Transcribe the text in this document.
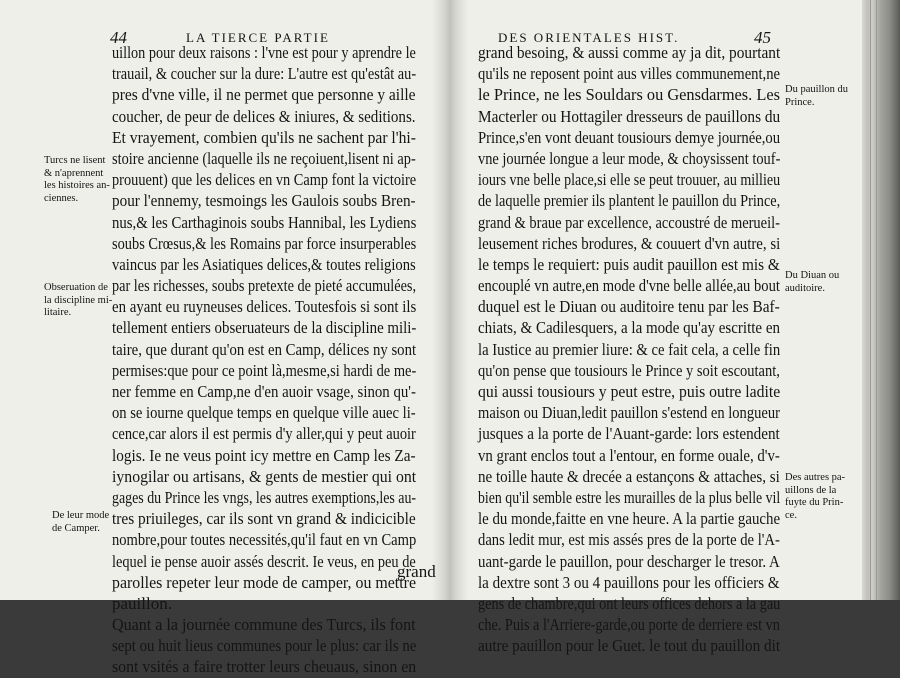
44	LA TIERCE PARTIE
uillon pour deux raisons : l'vne est pour y aprendre le
trauail, & coucher sur la dure: L'autre est qu'estât au-
pres d'vne ville, il ne permet que personne y aille
coucher, de peur de delices & iniures, & seditions.
Et vrayement, combien qu'ils ne sachent par l'hi-
stoire ancienne (laquelle ils ne reçoiuent,lisent ni ap-
prouuent) que les delices en vn Camp font la victoire
pour l'ennemy, tesmoings les Gaulois soubs Bren-
nus,& les Carthaginois soubs Hannibal, les Lydiens
soubs Crœsus,& les Romains par force insurperables
vaincus par les Asiatiques delices,& toutes religions
par les richesses, soubs pretexte de pieté accumulées,
en ayant eu ruyneuses delices. Toutesfois si sont ils
tellement entiers obseruateurs de la discipline mili-
taire, que durant qu'on est en Camp, délices ny sont
permises:que pour ce point là,mesme,si hardi de me-
ner femme en Camp,ne d'en auoir vsage, sinon qu'-
on se iourne quelque temps en quelque ville auec li-
cence,car alors il est permis d'y aller,qui y peut auoir
logis. Ie ne veus point icy mettre en Camp les Za-
iynogilar ou artisans, & gents de mestier qui ont
gages du Prince les vngs, les autres exemptions,les au-
tres priuileges, car ils sont vn grand & indicicible
nombre,pour toutes necessités,qu'il faut en vn Camp
lequel ie pense auoir assés descrit. Ie veus, en peu de
parolles repeter leur mode de camper, ou mettre
pauillon.
Quant a la journée commune des Turcs, ils font
sept ou huit lieus communes pour le plus: car ils ne
sont vsités a faire trotter leurs cheuaus, sinon en
grand
Turcs ne lisent
& n'aprennent
les histoires an-
ciennes.
Obseruation de
la discipline mi-
litaire.
De leur mode
de Camper.
DES ORIENTALES HIST.	45
grand besoing, & aussi comme ay ja dit, pourtant
qu'ils ne reposent point aus villes communement,ne
le Prince, ne les Souldars ou Gensdarmes. Les
Macterler ou Hottagiler dresseurs de pauillons du
Prince,s'en vont deuant tousiours demye journée,ou
vne journée longue a leur mode, & choysissent touf-
iours vne belle place,si elle se peut trouuer, au millieu
de laquelle premier ils plantent le pauillon du Prince,
grand & braue par excellence, accoustré de merueil-
leusement riches brodures, & couuert d'vn autre, si
le temps le requiert: puis audit pauillon est mis &
encouplé vn autre,en mode d'vne belle allée,au bout
duquel est le Diuan ou auditoire tenu par les Baf-
chiats, & Cadilesquers, a la mode qu'ay escritte en
la Iustice au premier liure: & ce fait cela, a celle fin
qu'on pense que tousiours le Prince y soit escoutant,
qui aussi tousiours y peut estre, puis outre ladite
maison ou Diuan,ledit pauillon s'estend en longueur
jusques a la porte de l'Auant-garde: lors estendent
vn grant enclos tout a l'entour, en forme ouale, d'v-
ne toille haute & drecée a estançons & attaches, si
bien qu'il semble estre les murailles de la plus belle vil
le du monde,faitte en vne heure. A la partie gauche
dans ledit mur, est mis assés pres de la porte de l'A-
uant-garde le pauillon, pour descharger le tresor. A
la dextre sont 3 ou 4 pauillons pour les officiers &
gens de chambre,qui ont leurs offices dehors a la gau
che. Puis a l'Arriere-garde,ou porte de derriere est vn
autre pauillon pour le Guet. le tout du pauillon dit
Du pauillon du
Prince.
Du Diuan ou
auditoire.
Des autres pa-
uillons de la
fuyte du Prin-
ce.
